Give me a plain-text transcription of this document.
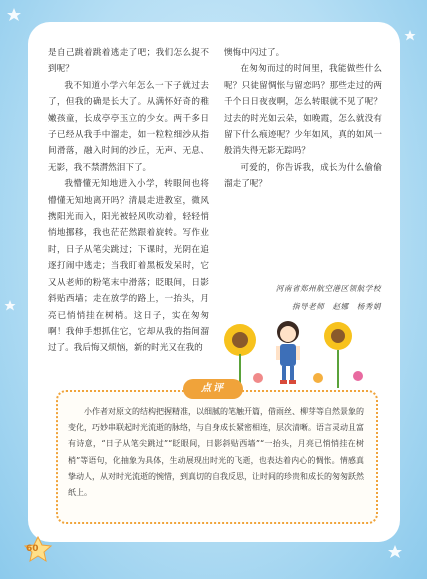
是自己跳着跳着逃走了吧；我们怎么捉不到呢？

我不知道小学六年怎么一下子就过去了，但我的确是长大了。从满怀好奇的稚嫩孩童，长成亭亭玉立的少女。两千多日子已经从我手中溜走，如一粒粒细沙从指间滑落，融入时间的沙丘，无声、无息、无影，我不禁潸然泪下了。

我懵懂无知地进入小学，转眼间也将懵懂无知地离开吗？清晨走进教室，微风携阳光而入，阳光被轻风吹动着，轻轻悄悄地挪移，我也茫茫然跟着旋转。写作业时，日子从笔尖跳过；下课时，光阴在追逐打闹中逃走；当我盯着黑板发呆时，它又从老师的粉笔末中滑落；眨眼间，日影斜贴西墙；走在放学的路上，一抬头，月亮已悄悄挂在树梢。这日子，实在匆匆啊！我伸手想抓住它，它却从我的指间溜过了。我后悔又烦恼，新的时光又在我的

懊悔中闪过了。

在匆匆而过的时间里，我能做些什么呢？只徒留惆怅与留恋吗？那些走过的两千个日日夜夜啊，怎么转眼就不见了呢？过去的时光如云朵，如晚霞，怎么就没有留下什么痕迹呢？少年如风，真的如风一般消失得无影无踪吗？

可爱的，你告诉我，成长为什么偷偷溜走了呢？

河南省郑州航空港区领航学校
指导老师　赵娜　杨秀娟
点评

小作者对原文的结构把握精准，以细腻的笔触开篇，借雨丝、柳芽等自然景象的变化，巧妙串联起时光流逝的脉络，与自身成长紧密相连，层次清晰。语言灵动且富有诗意，“日子从笔尖跳过”“眨眼间，日影斜贴西墙”“一抬头，月亮已悄悄挂在树梢”等语句，化抽象为具体，生动展现出时光的飞逝，也表达着内心的惆怅。情感真挚动人，从对时光流逝的惋惜，到真切的自我反思，让时间的珍贵和成长的匆匆跃然纸上。

60
